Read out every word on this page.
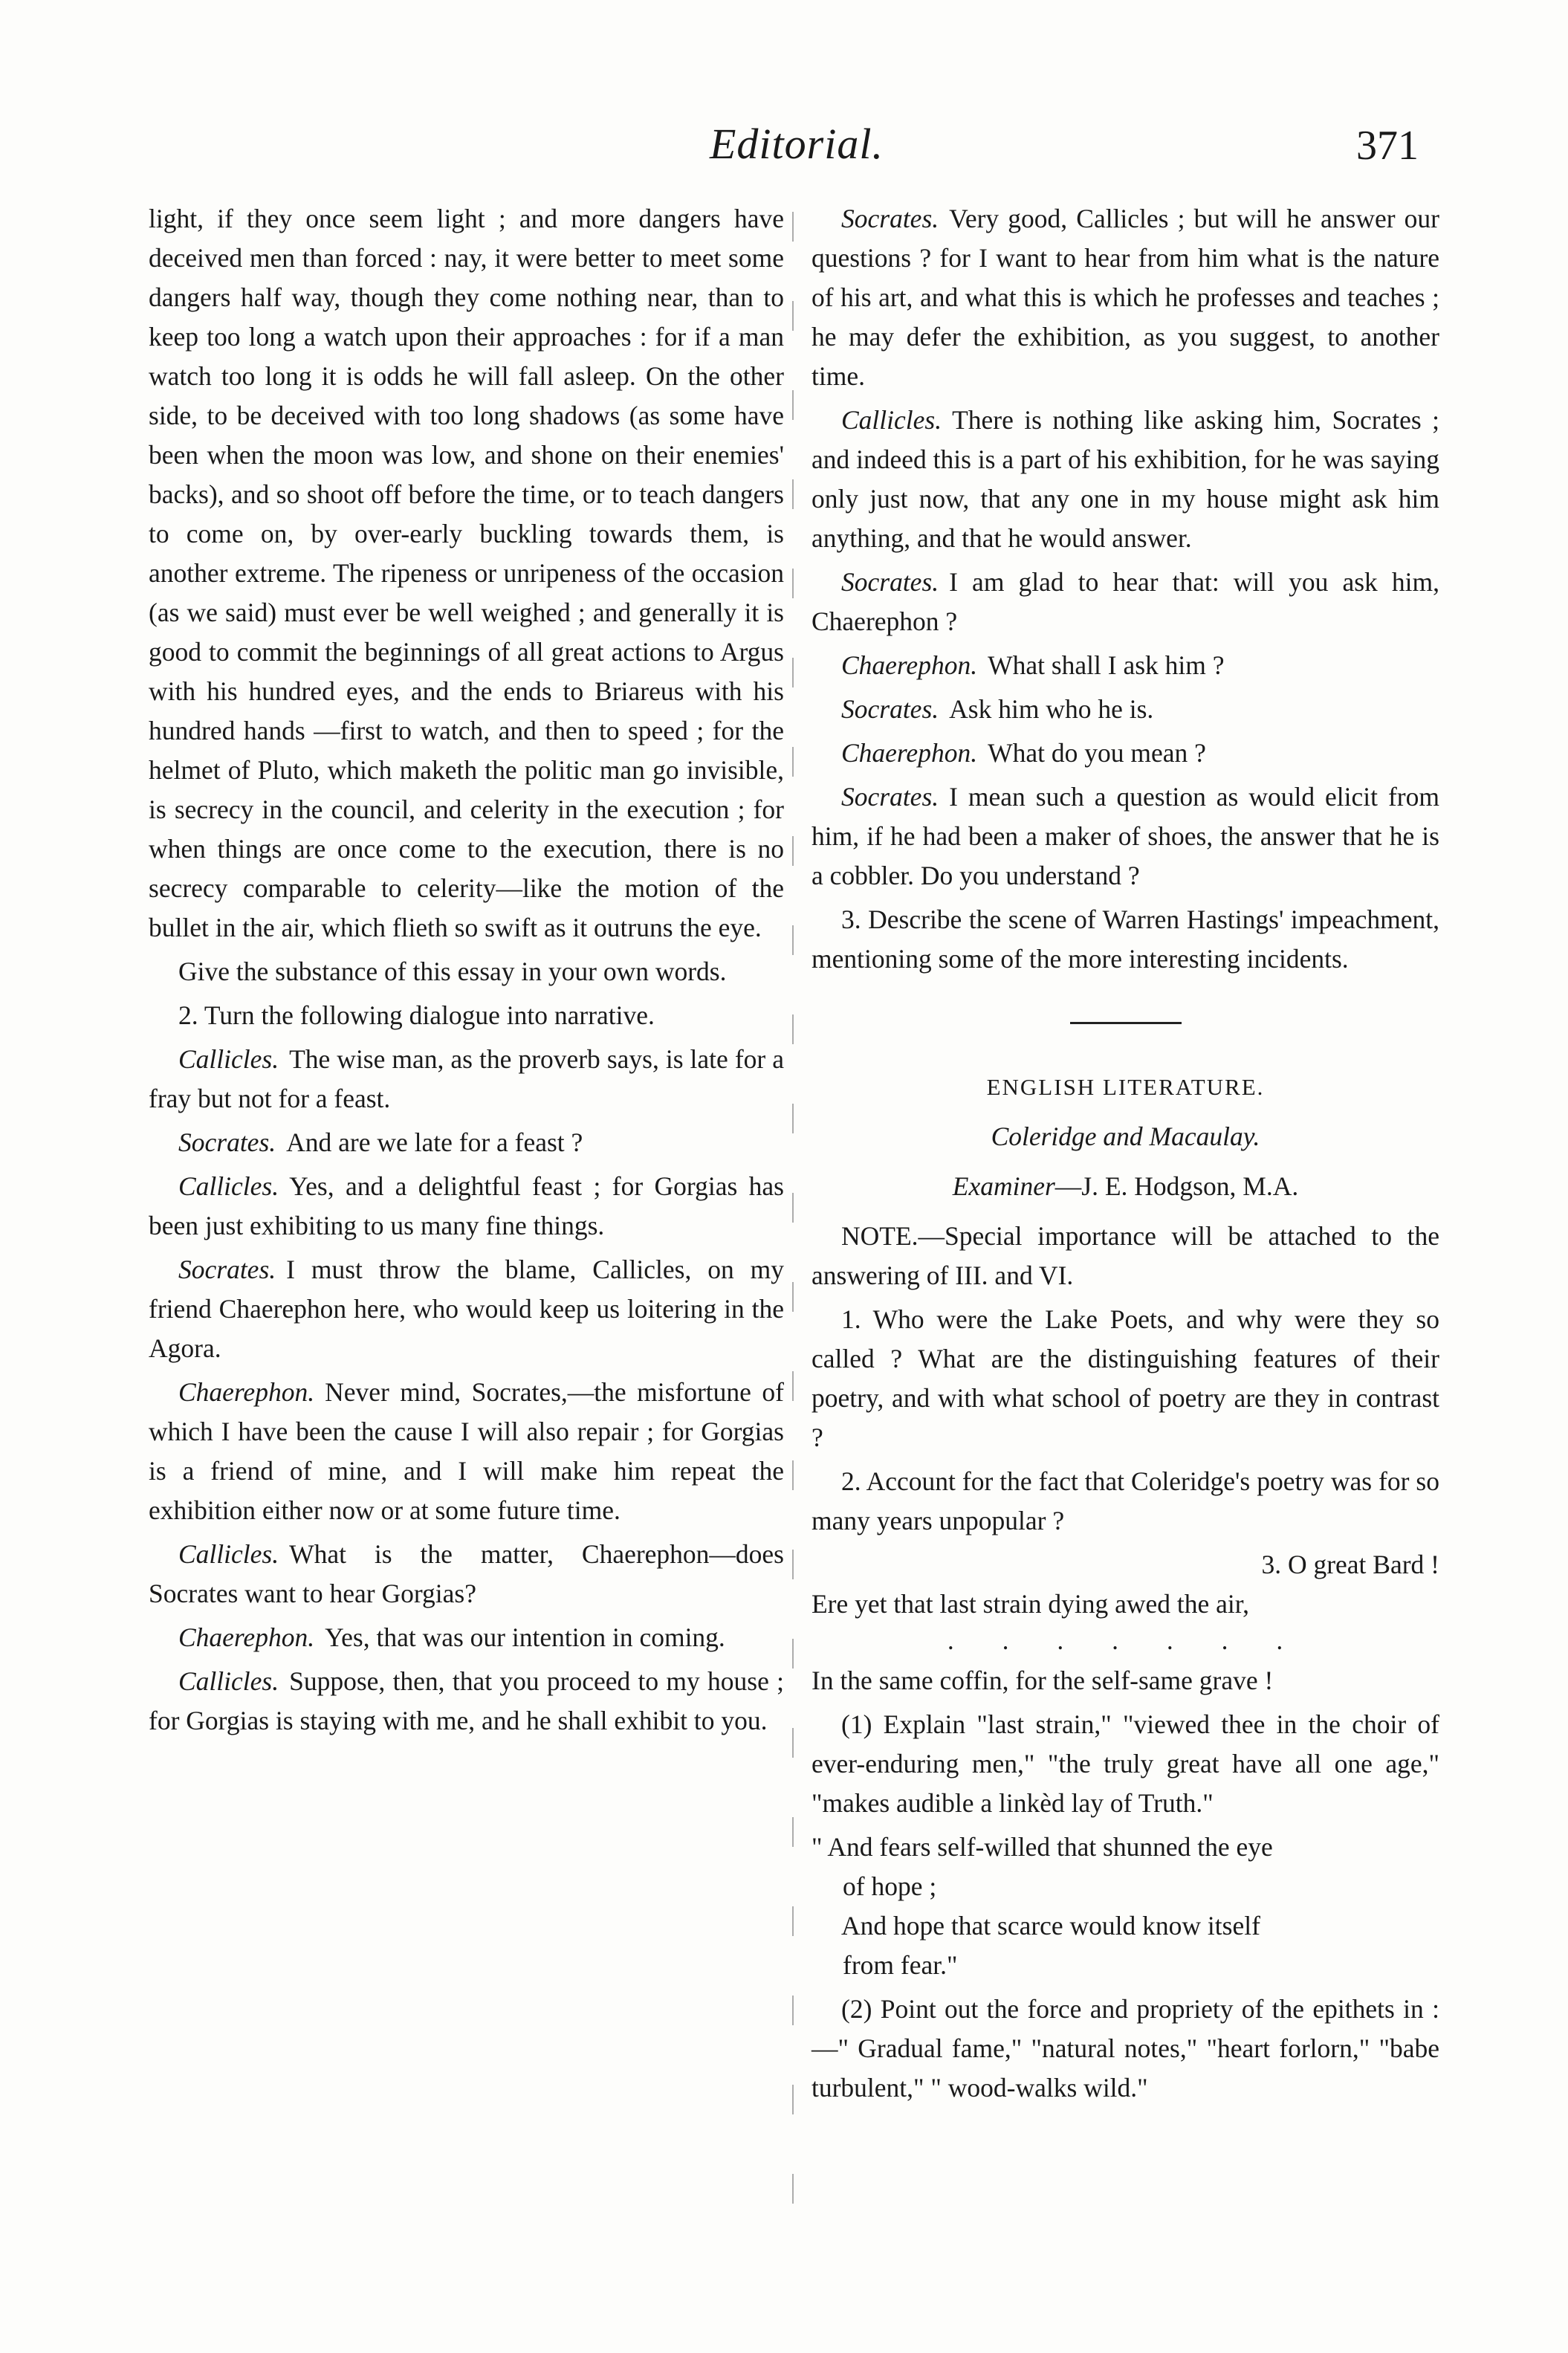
Editorial.	371

light, if they once seem light ; and more dangers have deceived men than forced : nay, it were better to meet some dangers half way, though they come nothing near, than to keep too long a watch upon their approaches : for if a man watch too long it is odds he will fall asleep. On the other side, to be deceived with too long shadows (as some have been when the moon was low, and shone on their enemies' backs), and so shoot off before the time, or to teach dangers to come on, by over-early buckling towards them, is another extreme. The ripeness or unripeness of the occasion (as we said) must ever be well weighed ; and generally it is good to commit the beginnings of all great actions to Argus with his hundred eyes, and the ends to Briareus with his hundred hands —first to watch, and then to speed ; for the helmet of Pluto, which maketh the politic man go invisible, is secrecy in the council, and celerity in the execution ; for when things are once come to the execution, there is no secrecy comparable to celerity—like the motion of the bullet in the air, which flieth so swift as it outruns the eye.

Give the substance of this essay in your own words.

2. Turn the following dialogue into narrative.

Callicles. The wise man, as the proverb says, is late for a fray but not for a feast.

Socrates. And are we late for a feast ?

Callicles. Yes, and a delightful feast ; for Gorgias has been just exhibiting to us many fine things.

Socrates. I must throw the blame, Callicles, on my friend Chaerephon here, who would keep us loitering in the Agora.

Chaerephon. Never mind, Socrates,—the misfortune of which I have been the cause I will also repair ; for Gorgias is a friend of mine, and I will make him repeat the exhibition either now or at some future time.

Callicles. What is the matter, Chaerephon—does Socrates want to hear Gorgias?

Chaerephon. Yes, that was our intention in coming.

Callicles. Suppose, then, that you proceed to my house ; for Gorgias is staying with me, and he shall exhibit to you.

Socrates. Very good, Callicles ; but will he answer our questions ? for I want to hear from him what is the nature of his art, and what this is which he professes and teaches ; he may defer the exhibition, as you suggest, to another time.

Callicles. There is nothing like asking him, Socrates ; and indeed this is a part of his exhibition, for he was saying only just now, that any one in my house might ask him anything, and that he would answer.

Socrates. I am glad to hear that: will you ask him, Chaerephon ?

Chaerephon. What shall I ask him ?

Socrates. Ask him who he is.

Chaerephon. What do you mean ?

Socrates. I mean such a question as would elicit from him, if he had been a maker of shoes, the answer that he is a cobbler. Do you understand ?

3. Describe the scene of Warren Hastings' impeachment, mentioning some of the more interesting incidents.

ENGLISH LITERATURE.

Coleridge and Macaulay.

Examiner—J. E. Hodgson, M.A.

NOTE.—Special importance will be attached to the answering of III. and VI.

1. Who were the Lake Poets, and why were they so called ? What are the distinguishing features of their poetry, and with what school of poetry are they in contrast ?

2. Account for the fact that Coleridge's poetry was for so many years unpopular ?

3. O great Bard !

Ere yet that last strain dying awed the air,

. . . . . . .

In the same coffin, for the self-same grave !

(1) Explain "last strain," "viewed thee in the choir of ever-enduring men," "the truly great have all one age," "makes audible a linkèd lay of Truth."

" And fears self-willed that shunned the eye

of hope ;

And hope that scarce would know itself

from fear."

(2) Point out the force and propriety of the epithets in :—" Gradual fame," "natural notes," "heart forlorn," "babe turbulent," " wood-walks wild."
